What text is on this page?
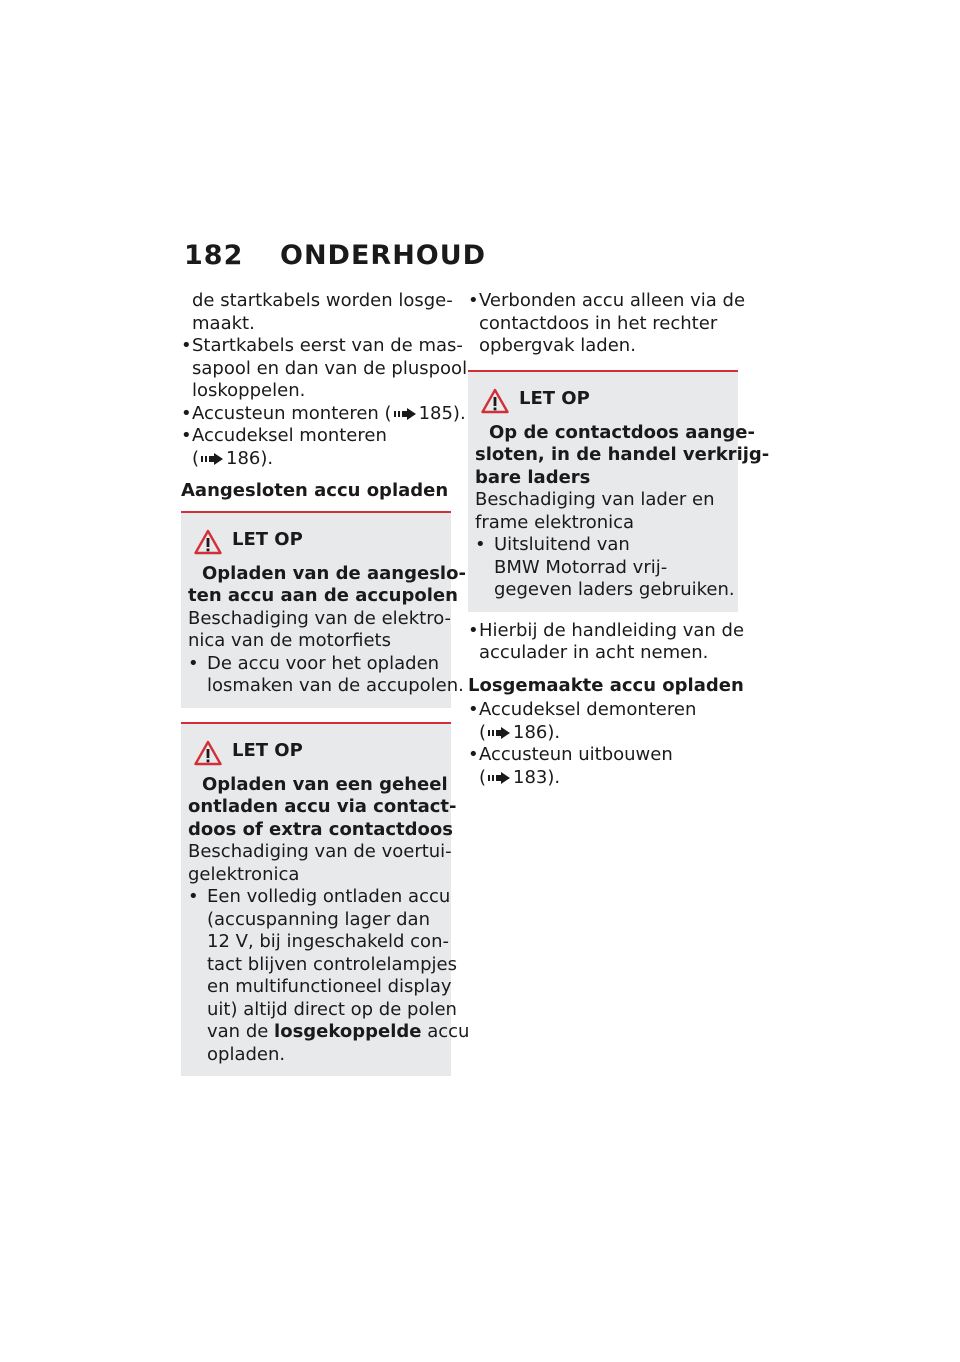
182 ONDERHOUD

de startkabels worden losge-

maakt.

•Startkabels eerst van de mas-

sapool en dan van de pluspool

loskoppelen.

•Accusteun monteren ( 185).

•Accudeksel monteren

( 186).

Aangesloten accu opladen
LET OP

Opladen van de aangeslo-

ten accu aan de accupolen

Beschadiging van de elektro-

nica van de motorfiets

• De accu voor het opladen

losmaken van de accupolen.

LET OP

Opladen van een geheel

ontladen accu via contact-

doos of extra contactdoos

Beschadiging van de voertui-

gelektronica

• Een volledig ontladen accu

(accuspanning lager dan

12 V, bij ingeschakeld con-

tact blijven controlelampjes

en multifunctioneel display

uit) altijd direct op de polen

van de losgekoppelde accu

opladen.

•Verbonden accu alleen via de

contactdoos in het rechter

opbergvak laden.

LET OP

Op de contactdoos aange-

sloten, in de handel verkrijg-

bare laders

Beschadiging van lader en

frame elektronica

• Uitsluitend van

BMW Motorrad vrij-

gegeven laders gebruiken.

•Hierbij de handleiding van de

acculader in acht nemen.

Losgemaakte accu opladen

•Accudeksel demonteren

( 186).

•Accusteun uitbouwen

( 183).
